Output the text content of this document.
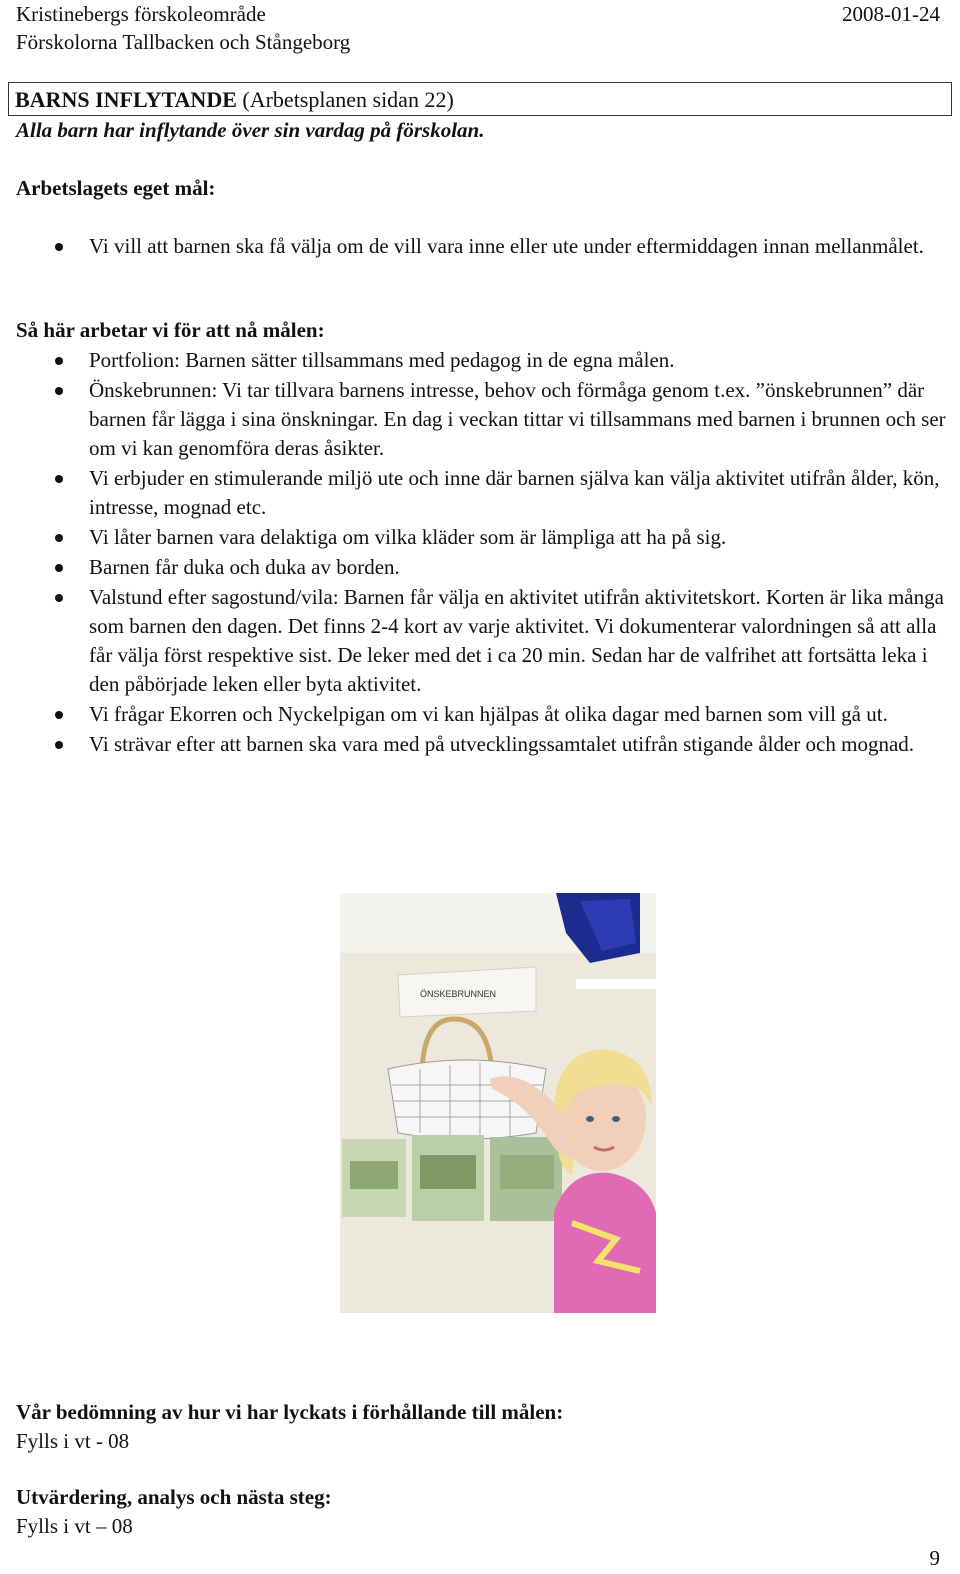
Kristinebergs förskoleområde
Förskolorna Tallbacken och Stångeborg
2008-01-24
BARNS INFLYTANDE (Arbetsplanen sidan 22)
Alla barn har inflytande över sin vardag på förskolan.
Arbetslagets eget mål:
Vi vill att barnen ska få välja om de vill vara inne eller ute under eftermiddagen innan mellanmålet.
Så här arbetar vi för att nå målen:
Portfolion: Barnen sätter tillsammans med pedagog in de egna målen.
Önskebrunnen: Vi tar tillvara barnens intresse, behov och förmåga genom t.ex. ”önskebrunnen” där barnen får lägga i sina önskningar. En dag i veckan tittar vi tillsammans med barnen i brunnen och ser om vi kan genomföra deras åsikter.
Vi erbjuder en stimulerande miljö ute och inne där barnen själva kan välja aktivitet utifrån ålder, kön, intresse, mognad etc.
Vi låter barnen vara delaktiga om vilka kläder som är lämpliga att ha på sig.
Barnen får duka och duka av borden.
Valstund efter sagostund/vila: Barnen får välja en aktivitet utifrån aktivitetskort. Korten är lika många som barnen den dagen. Det finns 2-4 kort av varje aktivitet. Vi dokumenterar valordningen så att alla får välja först respektive sist. De leker med det i ca 20 min. Sedan har de valfrihet att fortsätta leka i den påbörjade leken eller byta aktivitet.
Vi frågar Ekorren och Nyckelpigan om vi kan hjälpas åt olika dagar med barnen som vill gå ut.
Vi strävar efter att barnen ska vara med på utvecklingssamtalet utifrån stigande ålder och mognad.
ÖNSKEBRUNNEN
Vår bedömning av hur vi har lyckats i förhållande till målen:
Fylls i vt - 08
Utvärdering, analys och nästa steg:
Fylls i vt – 08
9
